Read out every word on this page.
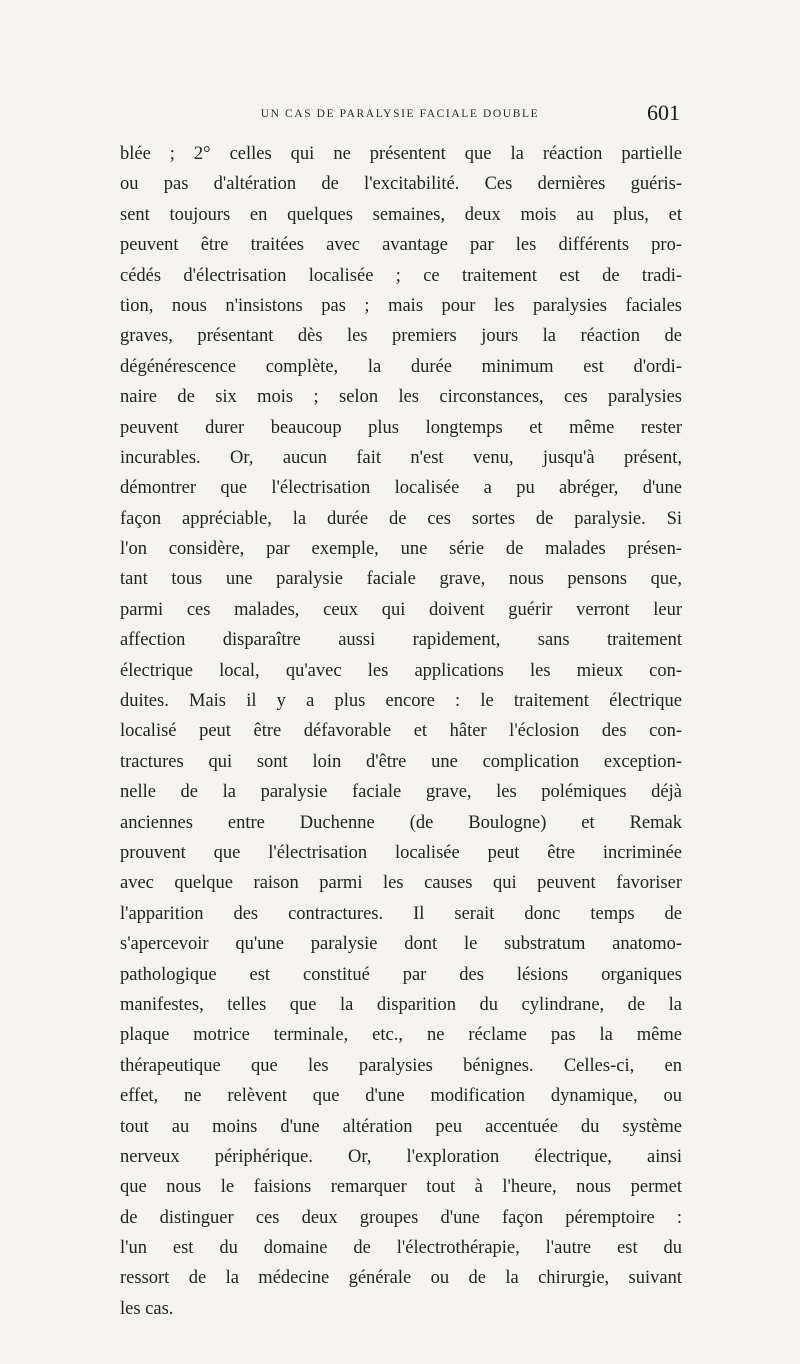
UN CAS DE PARALYSIE FACIALE DOUBLE	601
blée ; 2° celles qui ne présentent que la réaction partielle
ou pas d'altération de l'excitabilité. Ces dernières guéris-
sent toujours en quelques semaines, deux mois au plus, et
peuvent être traitées avec avantage par les différents pro-
cédés d'électrisation localisée ; ce traitement est de tradi-
tion, nous n'insistons pas ; mais pour les paralysies faciales
graves, présentant dès les premiers jours la réaction de
dégénérescence complète, la durée minimum est d'ordi-
naire de six mois ; selon les circonstances, ces paralysies
peuvent durer beaucoup plus longtemps et même rester
incurables. Or, aucun fait n'est venu, jusqu'à présent,
démontrer que l'électrisation localisée a pu abréger, d'une
façon appréciable, la durée de ces sortes de paralysie. Si
l'on considère, par exemple, une série de malades présen-
tant tous une paralysie faciale grave, nous pensons que,
parmi ces malades, ceux qui doivent guérir verront leur
affection disparaître aussi rapidement, sans traitement
électrique local, qu'avec les applications les mieux con-
duites. Mais il y a plus encore : le traitement électrique
localisé peut être défavorable et hâter l'éclosion des con-
tractures qui sont loin d'être une complication exception-
nelle de la paralysie faciale grave, les polémiques déjà
anciennes entre Duchenne (de Boulogne) et Remak
prouvent que l'électrisation localisée peut être incriminée
avec quelque raison parmi les causes qui peuvent favoriser
l'apparition des contractures. Il serait donc temps de
s'apercevoir qu'une paralysie dont le substratum anatomo-
pathologique est constitué par des lésions organiques
manifestes, telles que la disparition du cylindrane, de la
plaque motrice terminale, etc., ne réclame pas la même
thérapeutique que les paralysies bénignes. Celles-ci, en
effet, ne relèvent que d'une modification dynamique, ou
tout au moins d'une altération peu accentuée du système
nerveux périphérique. Or, l'exploration électrique, ainsi
que nous le faisions remarquer tout à l'heure, nous permet
de distinguer ces deux groupes d'une façon péremptoire :
l'un est du domaine de l'électrothérapie, l'autre est du
ressort de la médecine générale ou de la chirurgie, suivant
les cas.
